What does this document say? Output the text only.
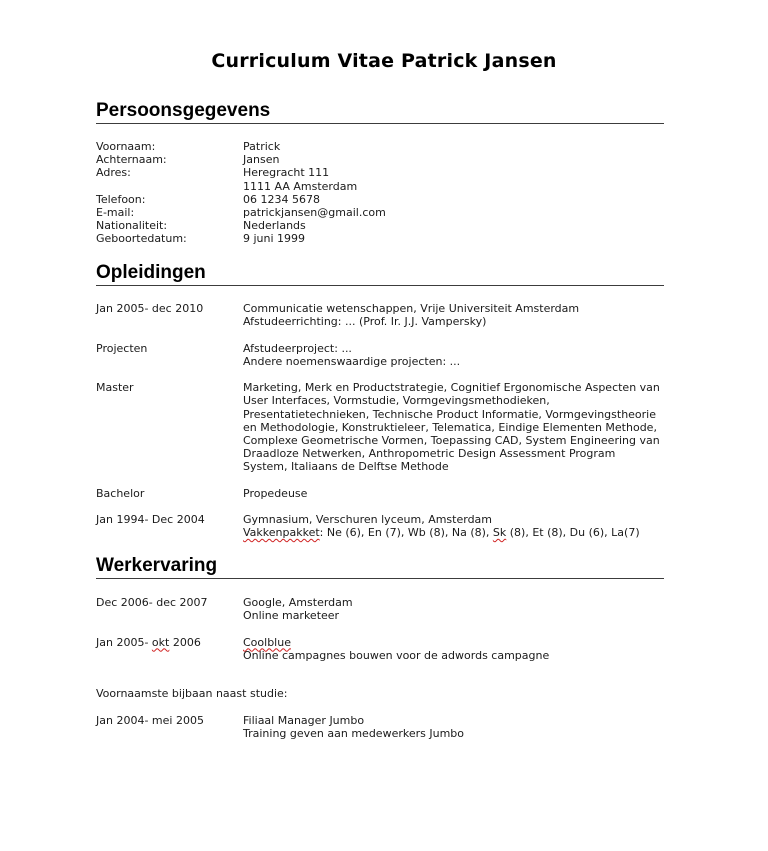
Curriculum Vitae Patrick Jansen
Persoonsgegevens
Voornaam:	Patrick
Achternaam:	Jansen
Adres:	Heregracht 111
1111 AA Amsterdam
Telefoon:	06 1234 5678
E-mail:	patrickjansen@gmail.com
Nationaliteit:	Nederlands
Geboortedatum:	9 juni 1999
Opleidingen
Jan 2005- dec 2010	Communicatie wetenschappen, Vrije Universiteit Amsterdam
Afstudeerrichting: ... (Prof. Ir. J.J. Vampersky)
Projecten	Afstudeerproject: ...
Andere noemenswaardige projecten: ...
Master	Marketing, Merk en Productstrategie, Cognitief Ergonomische Aspecten van
User Interfaces, Vormstudie, Vormgevingsmethodieken,
Presentatietechnieken, Technische Product Informatie, Vormgevingstheorie
en Methodologie, Konstruktieleer, Telematica, Eindige Elementen Methode,
Complexe Geometrische Vormen, Toepassing CAD, System Engineering van
Draadloze Netwerken, Anthropometric Design Assessment Program
System, Italiaans de Delftse Methode
Bachelor	Propedeuse
Jan 1994- Dec 2004	Gymnasium, Verschuren lyceum, Amsterdam
Vakkenpakket: Ne (6), En (7), Wb (8), Na (8), Sk (8), Et (8), Du (6), La(7)
Werkervaring
Dec 2006- dec 2007	Google, Amsterdam
Online marketeer
Jan 2005- okt 2006	Coolblue
Online campagnes bouwen voor de adwords campagne
Voornaamste bijbaan naast studie:
Jan 2004- mei 2005	Filiaal Manager Jumbo
Training geven aan medewerkers Jumbo
